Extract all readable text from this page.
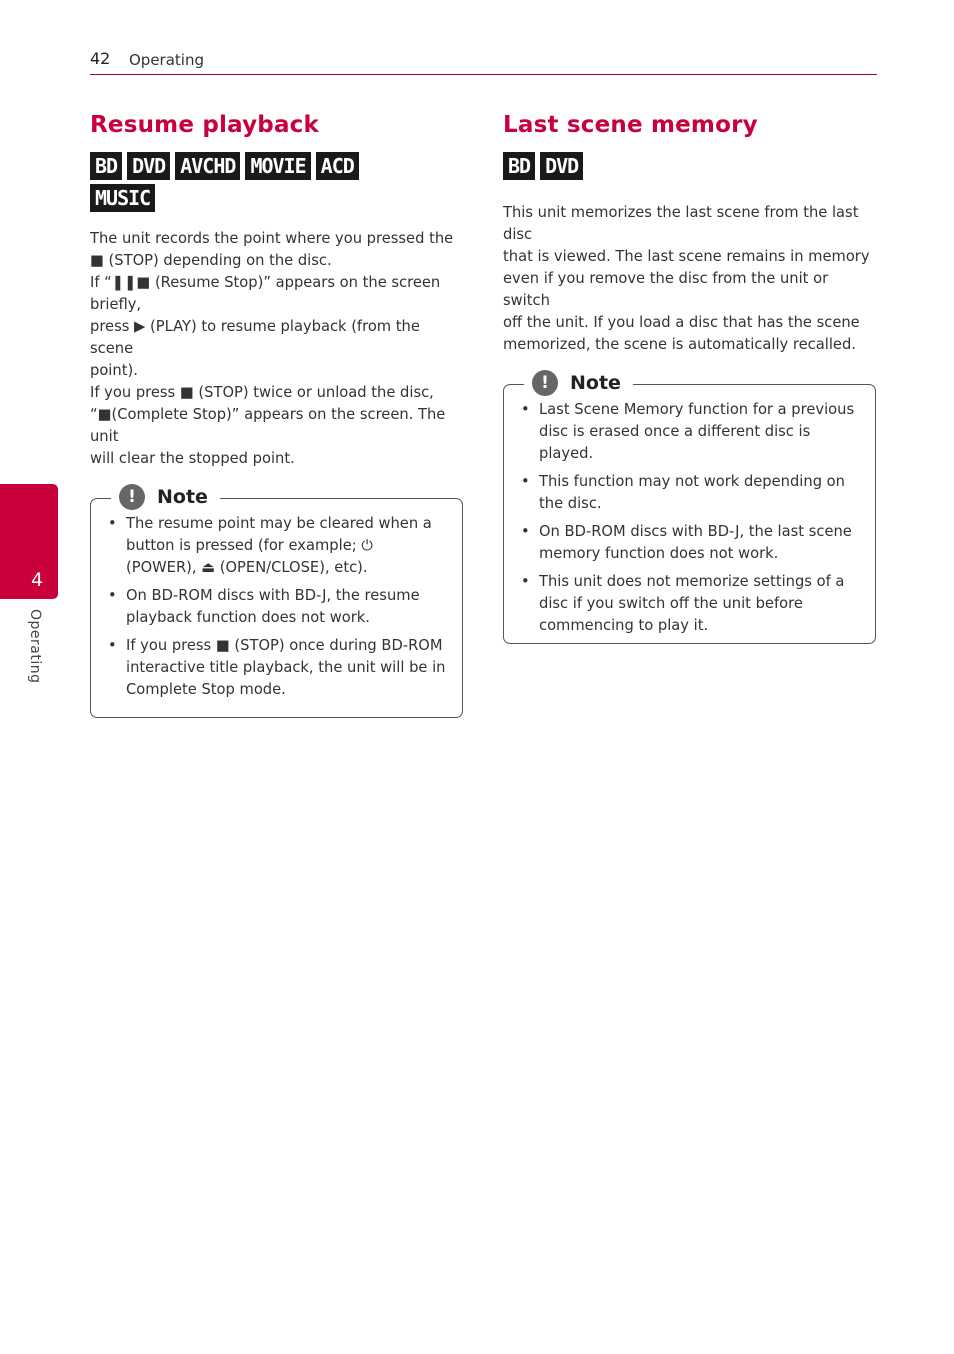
42 Operating
4
Operating
Resume playback
BD DVD AVCHD MOVIE ACD
MUSIC

The unit records the point where you pressed the

■ (STOP) depending on the disc.

If “❚❚■ (Resume Stop)” appears on the screen briefly,

press ▶ (PLAY) to resume playback (from the scene

point).

If you press ■ (STOP) twice or unload the disc,

“■(Complete Stop)” appears on the screen. The unit

will clear the stopped point.

!	Note
• The resume point may be cleared when a button is pressed (for example; ⏻ (POWER), ⏏ (OPEN/CLOSE), etc).
• On BD-ROM discs with BD-J, the resume playback function does not work.
• If you press ■ (STOP) once during BD-ROM interactive title playback, the unit will be in Complete Stop mode.
Last scene memory
BD DVD

This unit memorizes the last scene from the last disc

that is viewed. The last scene remains in memory

even if you remove the disc from the unit or switch

off the unit. If you load a disc that has the scene

memorized, the scene is automatically recalled.

!	Note
• Last Scene Memory function for a previous disc is erased once a different disc is played.
• This function may not work depending on the disc.
• On BD-ROM discs with BD-J, the last scene memory function does not work.
• This unit does not memorize settings of a disc if you switch off the unit before commencing to play it.
